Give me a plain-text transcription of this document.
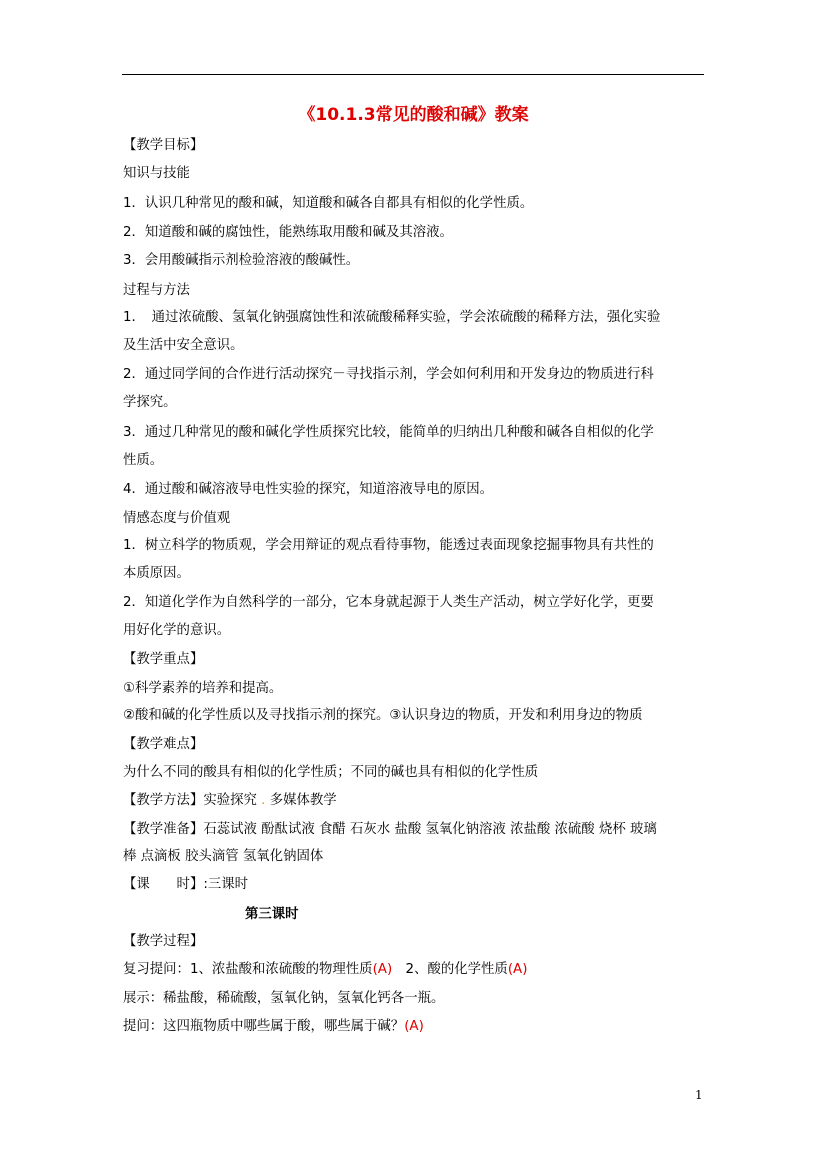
《10.1.3常见的酸和碱》教案
【教学目标】
知识与技能
1．认识几种常见的酸和碱，知道酸和碱各自都具有相似的化学性质。
2．知道酸和碱的腐蚀性，能熟练取用酸和碱及其溶液。
3．会用酸碱指示剂检验溶液的酸碱性。
过程与方法
1．　通过浓硫酸、氢氧化钠强腐蚀性和浓硫酸稀释实验，学会浓硫酸的稀释方法，强化实验
及生活中安全意识。
2．通过同学间的合作进行活动探究－寻找指示剂，学会如何利用和开发身边的物质进行科
学探究。
3．通过几种常见的酸和碱化学性质探究比较，能简单的归纳出几种酸和碱各自相似的化学
性质。
4．通过酸和碱溶液导电性实验的探究，知道溶液导电的原因。
情感态度与价值观
1．树立科学的物质观，学会用辩证的观点看待事物，能透过表面现象挖掘事物具有共性的
本质原因。
2．知道化学作为自然科学的一部分，它本身就起源于人类生产活动，树立学好化学，更要
用好化学的意识。
【教学重点】
①科学素养的培养和提高。
②酸和碱的化学性质以及寻找指示剂的探究。③认识身边的物质，开发和利用身边的物质
【教学难点】
为什么不同的酸具有相似的化学性质；不同的碱也具有相似的化学性质
【教学方法】实验探究 . 多媒体教学
【教学准备】石蕊试液 酚酞试液 食醋 石灰水 盐酸 氢氧化钠溶液 浓盐酸 浓硫酸 烧杯 玻璃
棒 点滴板 胶头滴管 氢氧化钠固体
【课　　时】:三课时
第三课时
【教学过程】
复习提问：1、浓盐酸和浓硫酸的物理性质(A)　2、酸的化学性质(A)
展示：稀盐酸，稀硫酸，氢氧化钠，氢氧化钙各一瓶。
提问：这四瓶物质中哪些属于酸，哪些属于碱？(A)
1
